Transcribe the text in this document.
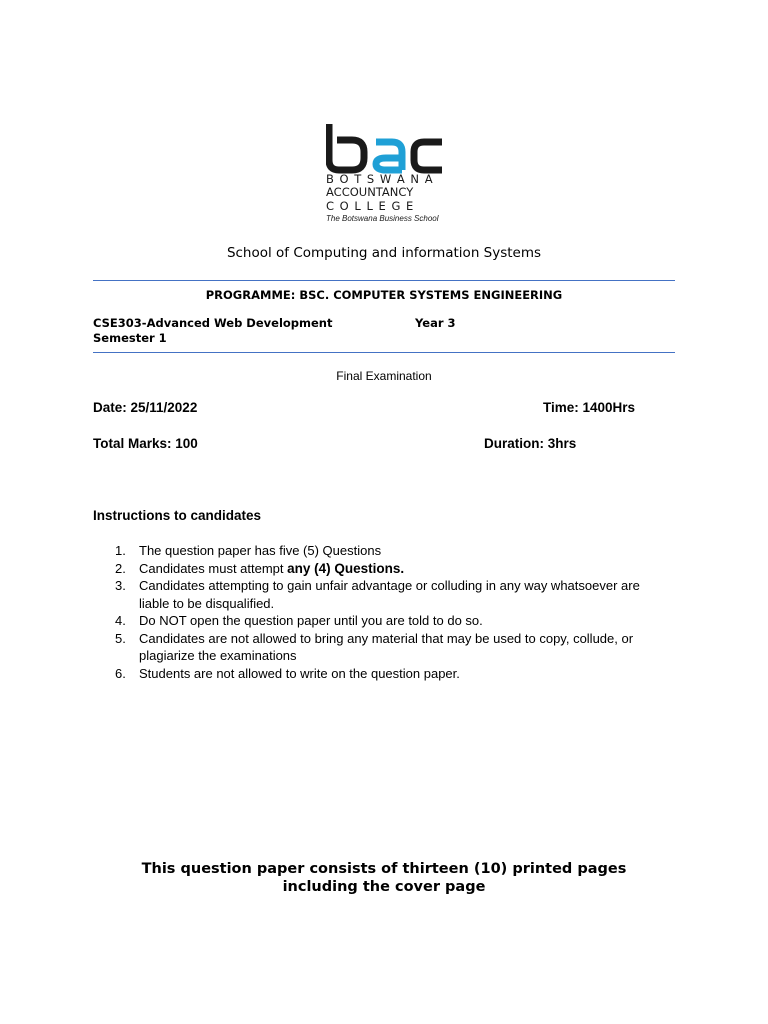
B O T S W A N A
ACCOUNTANCY
C O L L E G E
The Botswana Business School
School of Computing and information Systems
PROGRAMME: BSC. COMPUTER SYSTEMS ENGINEERING
CSE303-Advanced Web Development	Year 3
Semester 1
Final Examination
Date: 25/11/2022	Time: 1400Hrs
Total Marks: 100	Duration: 3hrs
Instructions to candidates
1. The question paper has five (5) Questions
2. Candidates must attempt any (4) Questions.
3. Candidates attempting to gain unfair advantage or colluding in any way whatsoever are liable to be disqualified.
4. Do NOT open the question paper until you are told to do so.
5. Candidates are not allowed to bring any material that may be used to copy, collude, or plagiarize the examinations
6. Students are not allowed to write on the question paper.
This question paper consists of thirteen (10) printed pages
including the cover page
